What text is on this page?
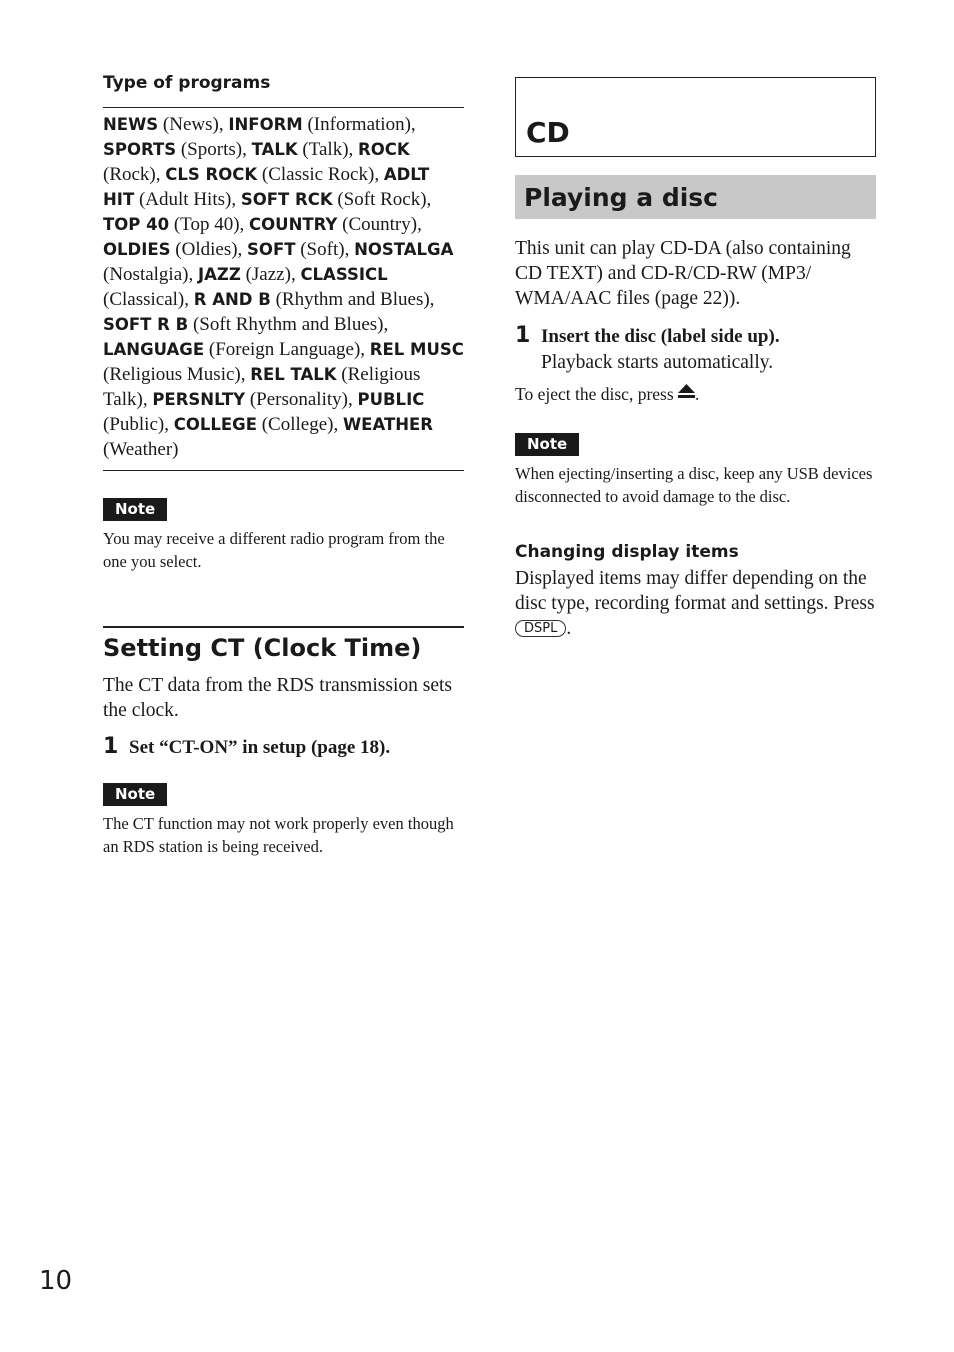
Type of programs
NEWS (News), INFORM (Information), SPORTS (Sports), TALK (Talk), ROCK (Rock), CLS ROCK (Classic Rock), ADLT HIT (Adult Hits), SOFT RCK (Soft Rock), TOP 40 (Top 40), COUNTRY (Country), OLDIES (Oldies), SOFT (Soft), NOSTALGA (Nostalgia), JAZZ (Jazz), CLASSICL (Classical), R AND B (Rhythm and Blues), SOFT R B (Soft Rhythm and Blues), LANGUAGE (Foreign Language), REL MUSC (Religious Music), REL TALK (Religious Talk), PERSNLTY (Personality), PUBLIC (Public), COLLEGE (College), WEATHER (Weather)
Note
You may receive a different radio program from the one you select.
Setting CT (Clock Time)
The CT data from the RDS transmission sets the clock.
1 Set “CT-ON” in setup (page 18).
Note
The CT function may not work properly even though an RDS station is being received.
CD
Playing a disc
This unit can play CD-DA (also containing CD TEXT) and CD-R/CD-RW (MP3/ WMA/AAC files (page 22)).
1 Insert the disc (label side up).
Playback starts automatically.
To eject the disc, press .
Note
When ejecting/inserting a disc, keep any USB devices disconnected to avoid damage to the disc.
Changing display items
Displayed items may differ depending on the disc type, recording format and settings. Press DSPL .
10
